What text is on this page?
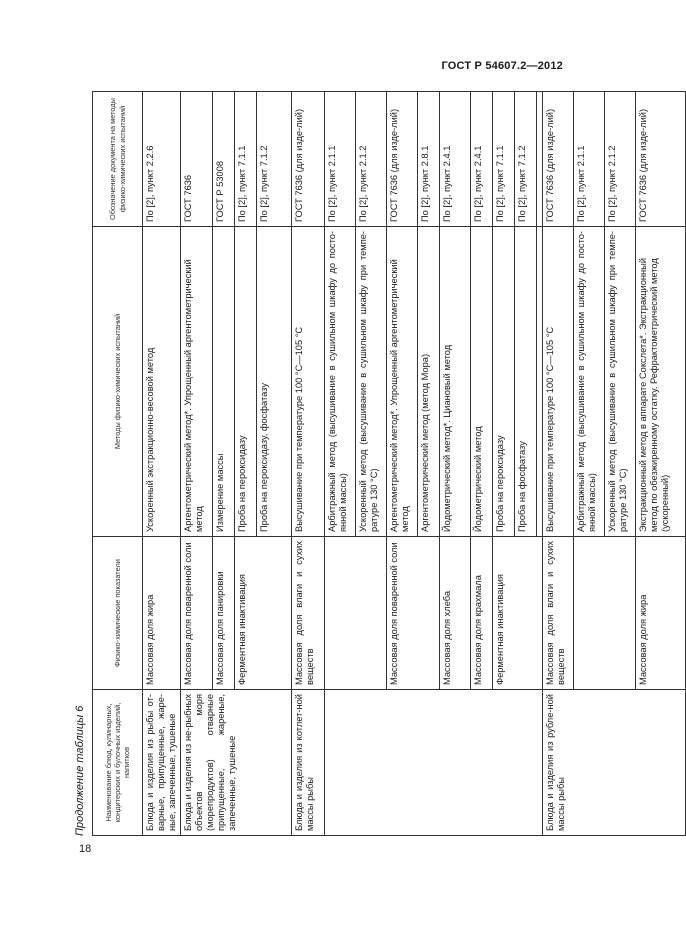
ГОСТ Р 54607.2—2012
18
Продолжение таблицы 6 Наименование блюд, кулинарных, кондитерских и булочных изделий, напитков	Физико-химические показатели	Методы физико-химических испытаний	Обозначение документа на методы физико-химических испытаний
Блюда и изделия из рыбы от-варные, припущенные, жаре-ные, запеченные, тушеные	Массовая доля жира	Ускоренный экстракционно-весовой метод	По [2], пункт 2.2.6
Блюда и изделия из не-рыбных объектов моря (морепродуктов) отварные припущенные, жареные, запеченные, тушеные	Массовая доля поваренной соли	Аргентометрический метод*. Упрощенный аргентометрический метод	ГОСТ 7636
	Массовая доля панировки	Измерение массы	ГОСТ Р 53008
	Ферментная инактивация	Проба на пероксидазу	По [2], пункт 7.1.1
		Проба на пероксидазу, фосфатазу	По [2], пункт 7.1.2
Блюда и изделия из котлет-ной массы рыбы	Массовая доля влаги и сухих веществ	Высушивание при температуре 100 °С—105 °С	ГОСТ 7636 (для изде-лий)
		Арбитражный метод (высушивание в сушильном шкафу до посто-янной массы)	По [2], пункт 2.1.1
		Ускоренный метод (высушивание в сушильном шкафу при темпе-ратуре 130 °С)	По [2], пункт 2.1.2
	Массовая доля поваренной соли	Аргентометрический метод*. Упрощенный аргентометрический метод	ГОСТ 7636 (для изде-лий)
		Аргентометрический метод (метод Мора)	По [2], пункт 2.8.1
	Массовая доля хлеба	Йодометрический метод*. Циановый метод	По [2], пункт 2.4.1
	Массовая доля крахмала	Йодометрический метод	По [2], пункт 2.4.1
	Ферментная инактивация	Проба на пероксидазу	По [2], пункт 7.1.1
		Проба на фосфатазу	По [2], пункт 7.1.2

Блюда и изделия из рубле-ной массы рыбы	Массовая доля влаги и сухих веществ	Высушивание при температуре 100 °С—105 °С	ГОСТ 7636 (для изде-лий)
		Арбитражный метод (высушивание в сушильном шкафу до посто-янной массы)	По [2], пункт 2.1.1
		Ускоренный метод (высушивание в сушильном шкафу при темпе-ратуре 130 °С)	По [2], пункт 2.1.2
	Массовая доля жира	Экстракционный метод в аппарате Сокслета*. Экстракционный метод по обезжиренному остатку. Рефрактометрический метод (ускоренный)	ГОСТ 7636 (для изде-лий)
